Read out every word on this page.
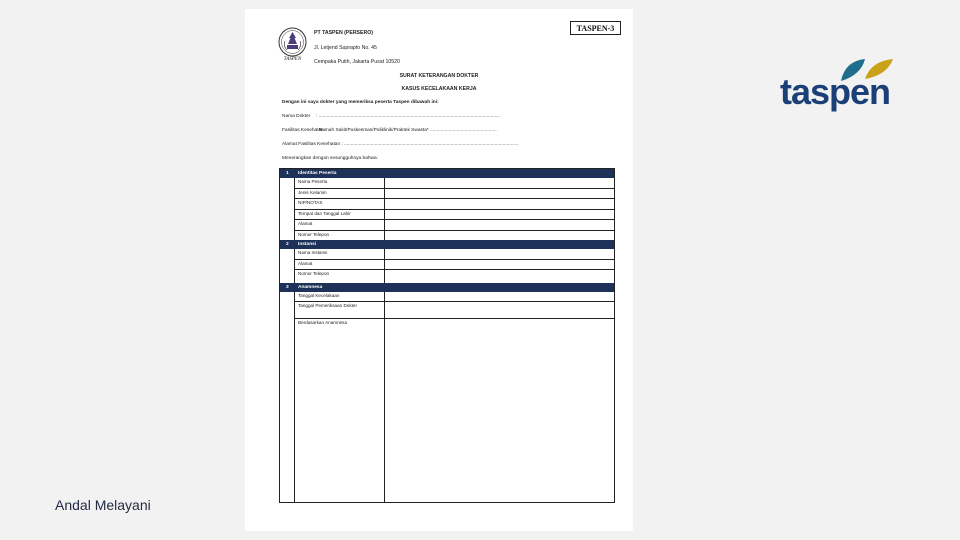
TASPEN-3
TASPEN
PT TASPEN (PERSERO)
Jl. Letjend Suprapto No. 45
Cempaka Putih, Jakarta Pusat 10520
SURAT KETERANGAN DOKTER
KASUS KECELAKAAN KERJA
Dengan ini saya dokter yang memeriksa peserta Taspen dibawah ini:
Nama Dokter : ........................................................................................................................................
Fasilitas Kesehatan
: Rumah Sakit/Puskesmas/Poliklinik/Praktek Swasta* ..................................................
Alamat Fasilitas Kesehatan : ...................................................................................................................................
Menerangkan dengan sesungguhnya bahwa:
1 Identitas Peserta
Nama Peserta
Jenis Kelamin
NIP/NOTAS
Tempat dan Tanggal Lahir
Alamat
Nomor Telepon
2 Instansi
Nama Instansi
Alamat
Nomor Telepon
3 Anamnesa
Tanggal Kecelakaan
Tanggal Pemeriksaan Dokter
Berdasarkan Anamnesa
taspen
Andal Melayani
